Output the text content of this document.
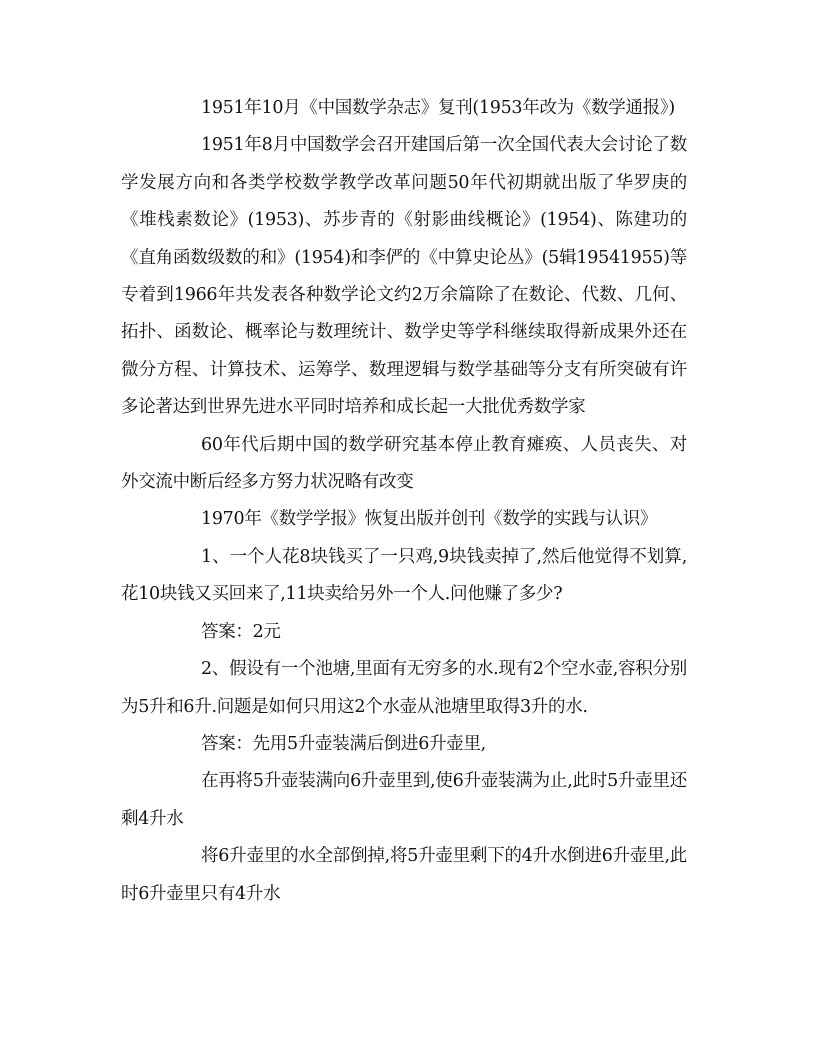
1951年10月《中国数学杂志》复刊(1953年改为《数学通报》)

1951年8月中国数学会召开建国后第一次全国代表大会讨论了数学发展方向和各类学校数学教学改革问题50年代初期就出版了华罗庚的《堆栈素数论》(1953)、苏步青的《射影曲线概论》(1954)、陈建功的《直角函数级数的和》(1954)和李俨的《中算史论丛》(5辑19541955)等专着到1966年共发表各种数学论文约2万余篇除了在数论、代数、几何、拓扑、函数论、概率论与数理统计、数学史等学科继续取得新成果外还在微分方程、计算技术、运筹学、数理逻辑与数学基础等分支有所突破有许多论著达到世界先进水平同时培养和成长起一大批优秀数学家

60年代后期中国的数学研究基本停止教育瘫痪、人员丧失、对外交流中断后经多方努力状况略有改变

1970年《数学学报》恢复出版并创刊《数学的实践与认识》

1、一个人花8块钱买了一只鸡,9块钱卖掉了,然后他觉得不划算,花10块钱又买回来了,11块卖给另外一个人.问他赚了多少?

答案：2元

2、假设有一个池塘,里面有无穷多的水.现有2个空水壶,容积分别为5升和6升.问题是如何只用这2个水壶从池塘里取得3升的水.

答案：先用5升壶装满后倒进6升壶里,

在再将5升壶装满向6升壶里到,使6升壶装满为止,此时5升壶里还剩4升水

将6升壶里的水全部倒掉,将5升壶里剩下的4升水倒进6升壶里,此时6升壶里只有4升水
